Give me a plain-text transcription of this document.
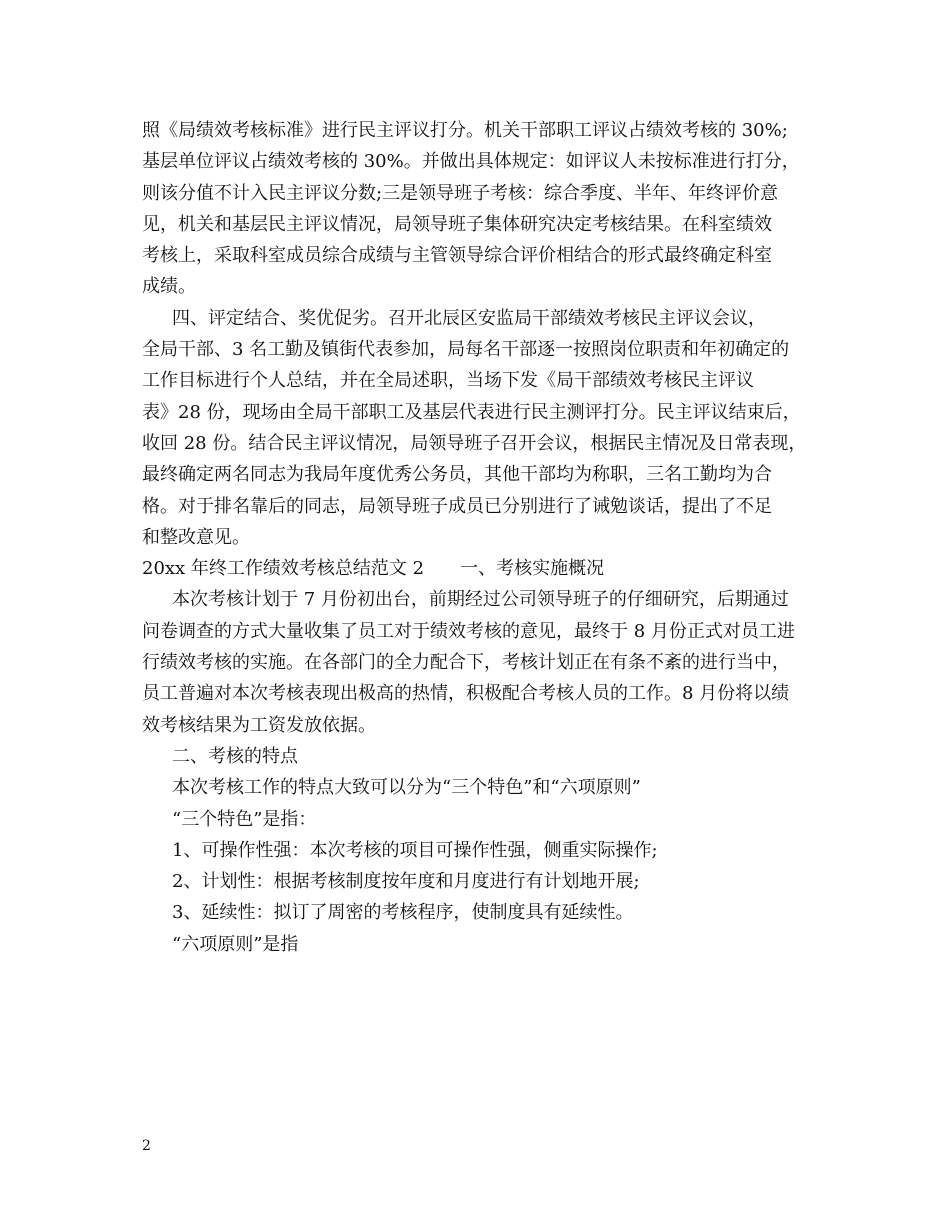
照《局绩效考核标准》进行民主评议打分。机关干部职工评议占绩效考核的 30%;
基层单位评议占绩效考核的 30%。并做出具体规定：如评议人未按标准进行打分，
则该分值不计入民主评议分数;三是领导班子考核：综合季度、半年、年终评价意
见，机关和基层民主评议情况，局领导班子集体研究决定考核结果。在科室绩效
考核上，采取科室成员综合成绩与主管领导综合评价相结合的形式最终确定科室
成绩。
四、评定结合、奖优促劣。召开北辰区安监局干部绩效考核民主评议会议，
全局干部、3 名工勤及镇街代表参加，局每名干部逐一按照岗位职责和年初确定的
工作目标进行个人总结，并在全局述职，当场下发《局干部绩效考核民主评议
表》28 份，现场由全局干部职工及基层代表进行民主测评打分。民主评议结束后，
收回 28 份。结合民主评议情况，局领导班子召开会议，根据民主情况及日常表现，
最终确定两名同志为我局年度优秀公务员，其他干部均为称职，三名工勤均为合
格。对于排名靠后的同志，局领导班子成员已分别进行了诫勉谈话，提出了不足
和整改意见。
20xx 年终工作绩效考核总结范文 2　　一、考核实施概况
本次考核计划于 7 月份初出台，前期经过公司领导班子的仔细研究，后期通过
问卷调查的方式大量收集了员工对于绩效考核的意见，最终于 8 月份正式对员工进
行绩效考核的实施。在各部门的全力配合下，考核计划正在有条不紊的进行当中，
员工普遍对本次考核表现出极高的热情，积极配合考核人员的工作。8 月份将以绩
效考核结果为工资发放依据。
二、考核的特点
本次考核工作的特点大致可以分为“三个特色”和“六项原则”
“三个特色”是指：
1、可操作性强：本次考核的项目可操作性强，侧重实际操作;
2、计划性：根据考核制度按年度和月度进行有计划地开展;
3、延续性：拟订了周密的考核程序，使制度具有延续性。
“六项原则”是指
2
